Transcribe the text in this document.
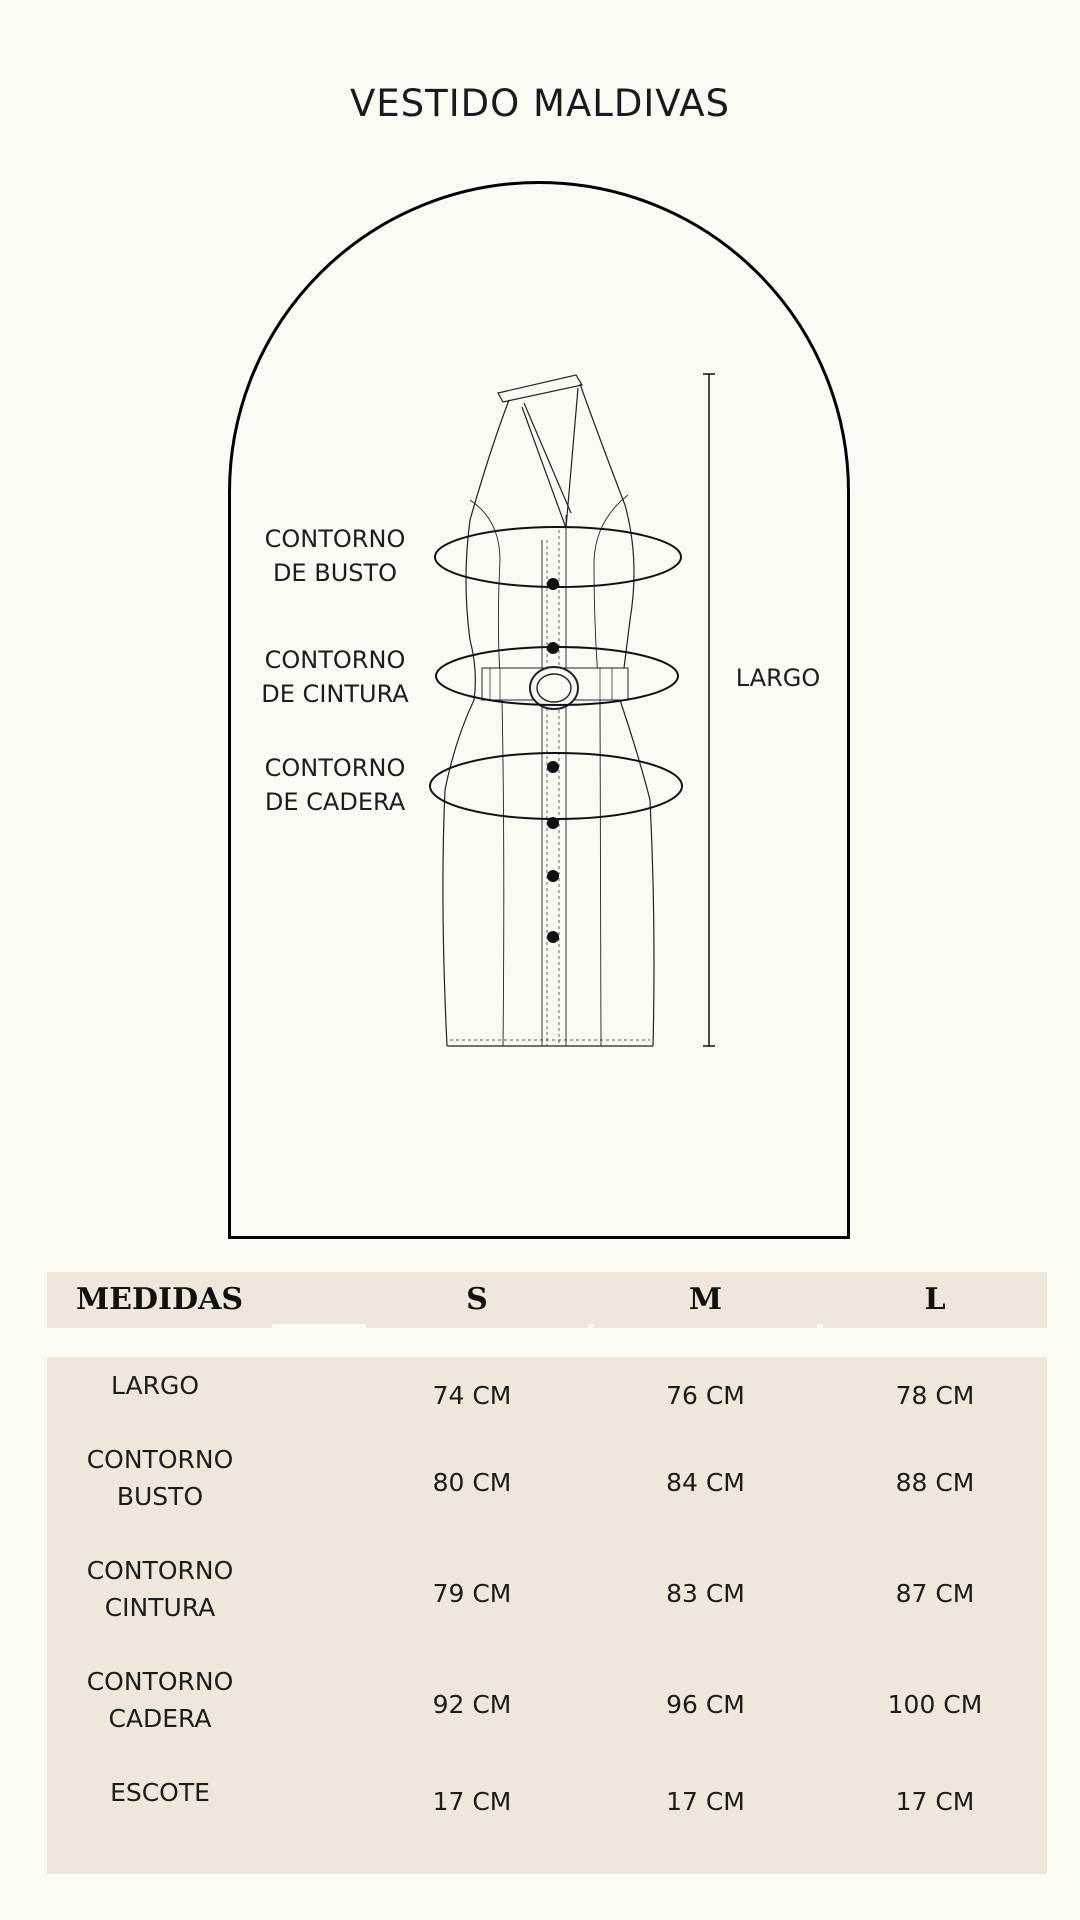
VESTIDO MALDIVAS
CONTORNO
DE BUSTO
CONTORNO
DE CINTURA
CONTORNO
DE CADERA
LARGO
MEDIDAS	S	M	L
LARGO	74 CM	76 CM	78 CM
CONTORNO
BUSTO	80 CM	84 CM	88 CM
CONTORNO
CINTURA	79 CM	83 CM	87 CM
CONTORNO
CADERA	92 CM	96 CM	100 CM
ESCOTE	17 CM	17 CM	17 CM
